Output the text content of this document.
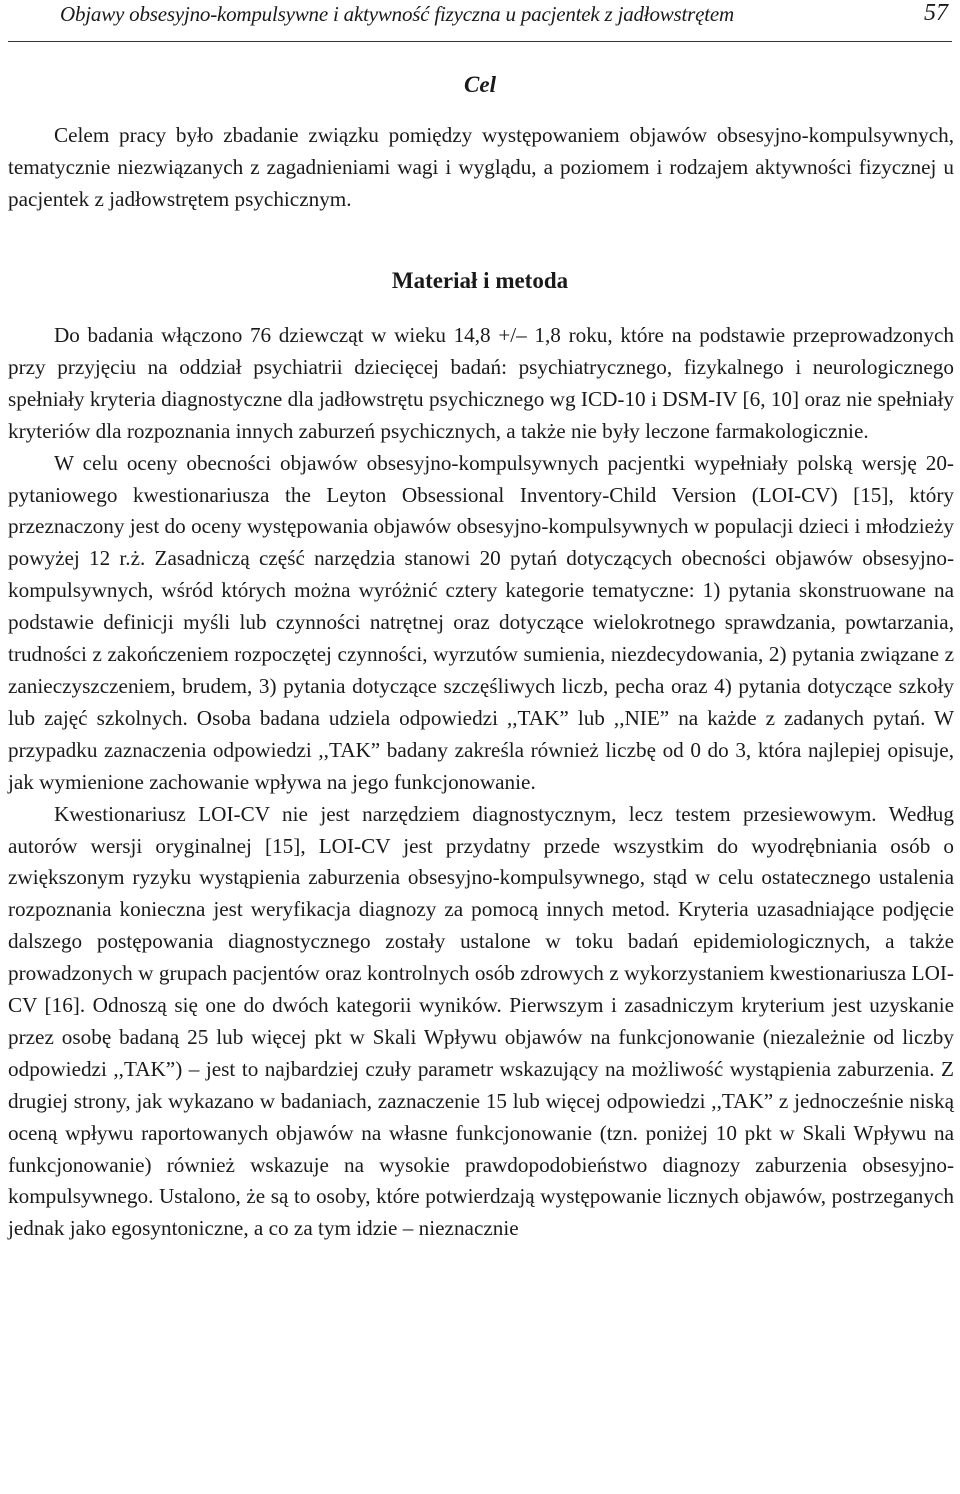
Objawy obsesyjno-kompulsywne i aktywność fizyczna u pacjentek z jadłowstrętem	57
Cel

Celem pracy było zbadanie związku pomiędzy występowaniem objawów obsesyjno-kompulsywnych, tematycznie niezwiązanych z zagadnieniami wagi i wyglądu, a poziomem i rodzajem aktywności fizycznej u pacjentek z jadłowstrętem psychicznym.

Materiał i metoda

Do badania włączono 76 dziewcząt w wieku 14,8 +/– 1,8 roku, które na podstawie przeprowadzonych przy przyjęciu na oddział psychiatrii dziecięcej badań: psychiatrycznego, fizykalnego i neurologicznego spełniały kryteria diagnostyczne dla jadłowstrętu psychicznego wg ICD-10 i DSM-IV [6, 10] oraz nie spełniały kryteriów dla rozpoznania innych zaburzeń psychicznych, a także nie były leczone farmakologicznie.

W celu oceny obecności objawów obsesyjno-kompulsywnych pacjentki wypełniały polską wersję 20-pytaniowego kwestionariusza the Leyton Obsessional Inventory-Child Version (LOI-CV) [15], który przeznaczony jest do oceny występowania objawów obsesyjno-kompulsywnych w populacji dzieci i młodzieży powyżej 12 r.ż. Zasadniczą część narzędzia stanowi 20 pytań dotyczących obecności objawów obsesyjno-kompulsywnych, wśród których można wyróżnić cztery kategorie tematyczne: 1) pytania skonstruowane na podstawie definicji myśli lub czynności natrętnej oraz dotyczące wielokrotnego sprawdzania, powtarzania, trudności z zakończeniem rozpoczętej czynności, wyrzutów sumienia, niezdecydowania, 2) pytania związane z zanieczyszczeniem, brudem, 3) pytania dotyczące szczęśliwych liczb, pecha oraz 4) pytania dotyczące szkoły lub zajęć szkolnych. Osoba badana udziela odpowiedzi ,,TAK” lub ,,NIE” na każde z zadanych pytań. W przypadku zaznaczenia odpowiedzi ,,TAK” badany zakreśla również liczbę od 0 do 3, która najlepiej opisuje, jak wymienione zachowanie wpływa na jego funkcjonowanie.

Kwestionariusz LOI-CV nie jest narzędziem diagnostycznym, lecz testem przesiewowym. Według autorów wersji oryginalnej [15], LOI-CV jest przydatny przede wszystkim do wyodrębniania osób o zwiększonym ryzyku wystąpienia zaburzenia obsesyjno-kompulsywnego, stąd w celu ostatecznego ustalenia rozpoznania konieczna jest weryfikacja diagnozy za pomocą innych metod. Kryteria uzasadniające podjęcie dalszego postępowania diagnostycznego zostały ustalone w toku badań epidemiologicznych, a także prowadzonych w grupach pacjentów oraz kontrolnych osób zdrowych z wykorzystaniem kwestionariusza LOI-CV [16]. Odnoszą się one do dwóch kategorii wyników. Pierwszym i zasadniczym kryterium jest uzyskanie przez osobę badaną 25 lub więcej pkt w Skali Wpływu objawów na funkcjonowanie (niezależnie od liczby odpowiedzi ,,TAK”) – jest to najbardziej czuły parametr wskazujący na możliwość wystąpienia zaburzenia. Z drugiej strony, jak wykazano w badaniach, zaznaczenie 15 lub więcej odpowiedzi ,,TAK” z jednocześnie niską oceną wpływu raportowanych objawów na własne funkcjonowanie (tzn. poniżej 10 pkt w Skali Wpływu na funkcjonowanie) również wskazuje na wysokie prawdopodobieństwo diagnozy zaburzenia obsesyjno-kompulsywnego. Ustalono, że są to osoby, które potwierdzają występowanie licznych objawów, postrzeganych jednak jako egosyntoniczne, a co za tym idzie – nieznacznie
